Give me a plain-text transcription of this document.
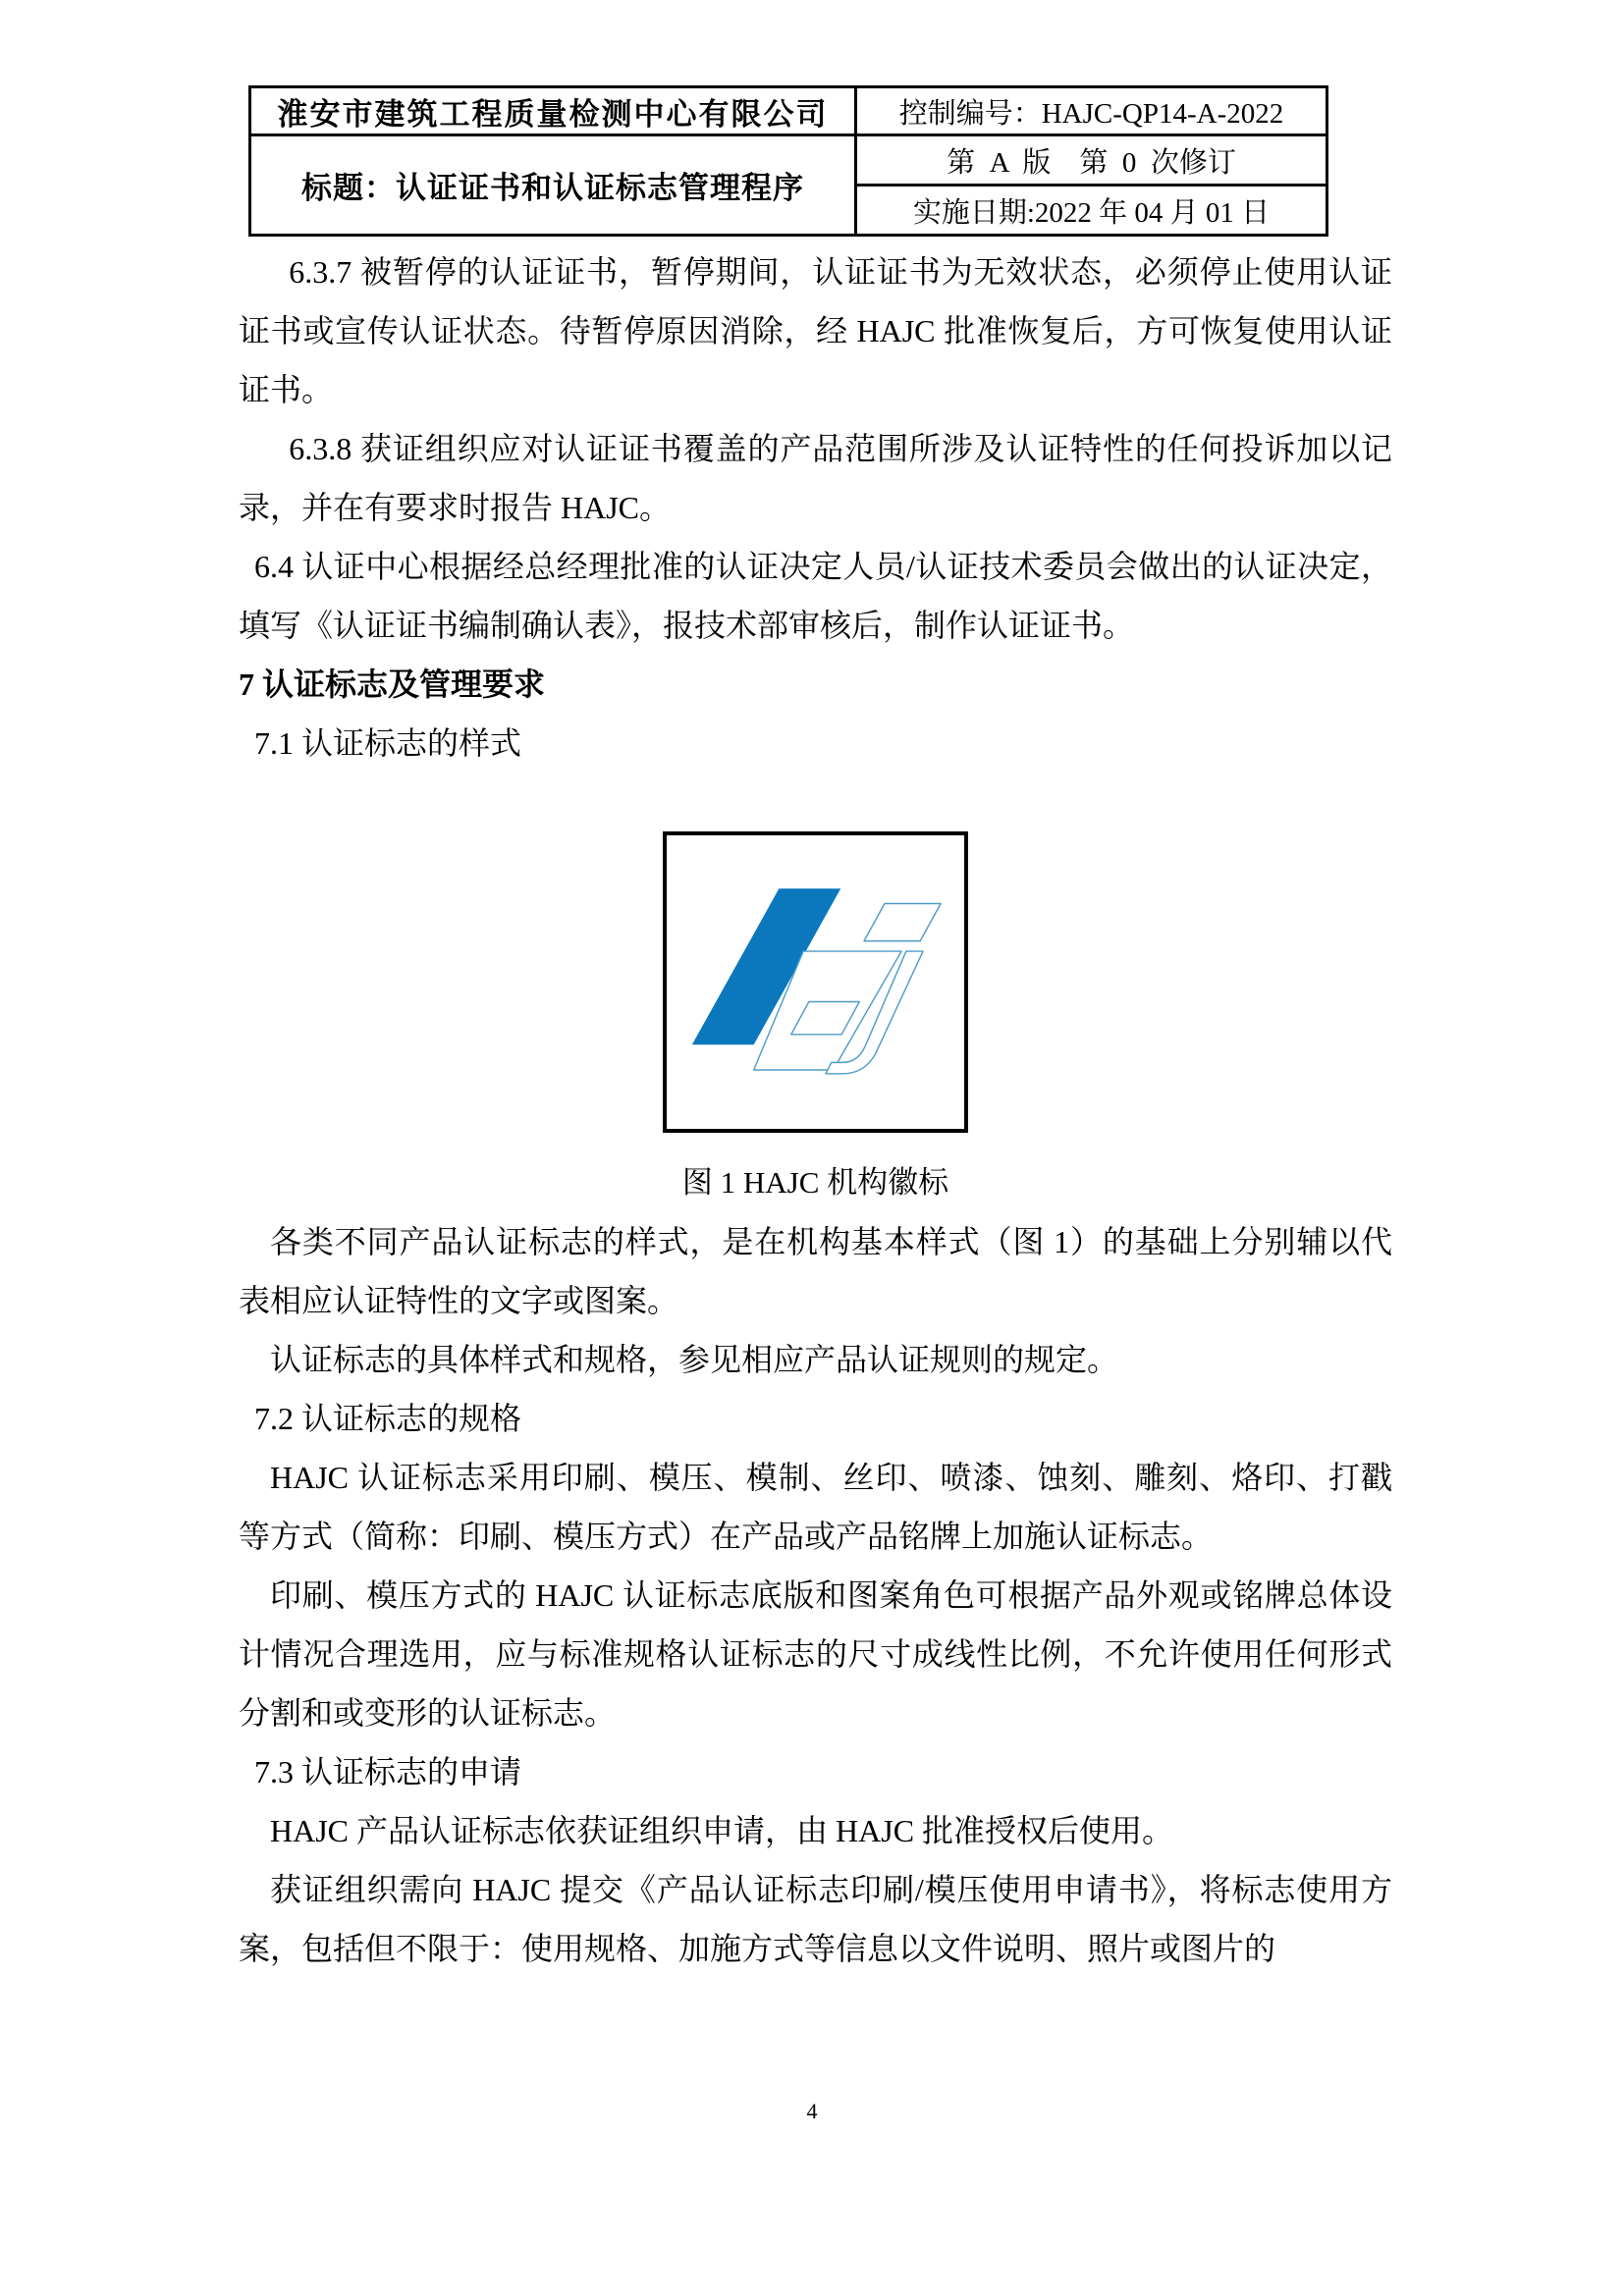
淮安市建筑工程质量检测中心有限公司	控制编号：HAJC-QP14-A-2022
标题：认证证书和认证标志管理程序	第  A  版    第  0  次修订
	实施日期:2022 年 04 月 01 日

6.3.7 被暂停的认证证书，暂停期间，认证证书为无效状态，必须停止使用认证证书或宣传认证状态。待暂停原因消除，经 HAJC 批准恢复后，方可恢复使用认证证书。

6.3.8 获证组织应对认证证书覆盖的产品范围所涉及认证特性的任何投诉加以记录，并在有要求时报告 HAJC。

6.4 认证中心根据经总经理批准的认证决定人员/认证技术委员会做出的认证决定，填写《认证证书编制确认表》，报技术部审核后，制作认证证书。

7 认证标志及管理要求

7.1 认证标志的样式

图 1 HAJC 机构徽标

各类不同产品认证标志的样式，是在机构基本样式（图 1）的基础上分别辅以代表相应认证特性的文字或图案。

认证标志的具体样式和规格，参见相应产品认证规则的规定。

7.2 认证标志的规格

HAJC 认证标志采用印刷、模压、模制、丝印、喷漆、蚀刻、雕刻、烙印、打戳等方式（简称：印刷、模压方式）在产品或产品铭牌上加施认证标志。

印刷、模压方式的 HAJC 认证标志底版和图案角色可根据产品外观或铭牌总体设计情况合理选用，应与标准规格认证标志的尺寸成线性比例，不允许使用任何形式分割和或变形的认证标志。

7.3 认证标志的申请

HAJC 产品认证标志依获证组织申请，由 HAJC 批准授权后使用。

获证组织需向 HAJC 提交《产品认证标志印刷/模压使用申请书》，将标志使用方案，包括但不限于：使用规格、加施方式等信息以文件说明、照片或图片的

4
